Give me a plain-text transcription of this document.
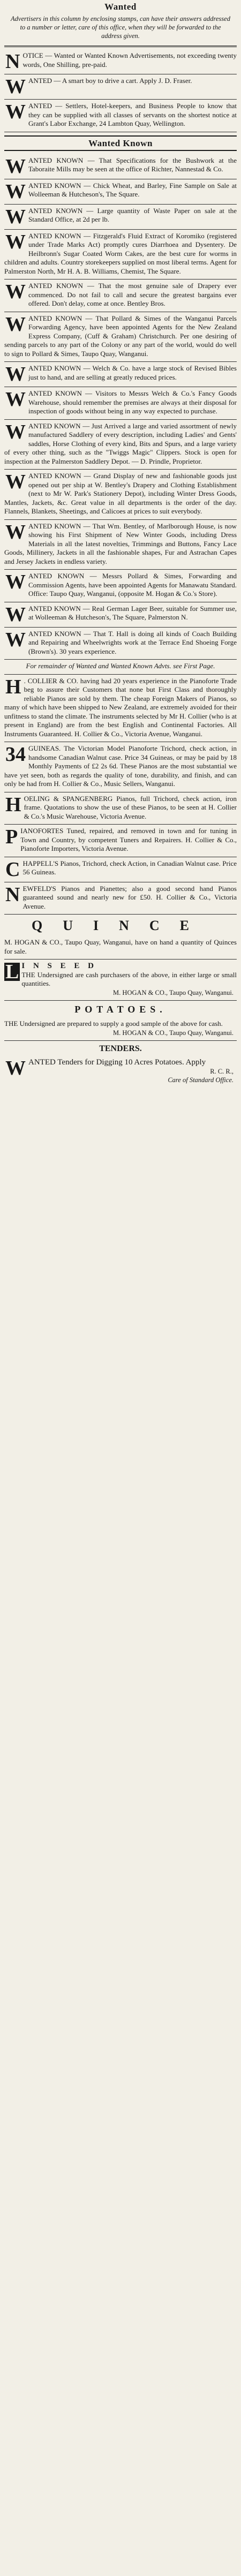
Wanted
Advertisers in this column by enclosing stamps, can have their answers addressed to a number or letter, care of this office, when they will be forwarded to the address given.
N OTICE — Wanted or Wanted Known Advertisements, not exceeding twenty words, One Shilling, pre-paid.
W ANTED — A smart boy to drive a cart. Apply J. D. Fraser.
W ANTED — Settlers, Hotel-keepers, and Business People to know that they can be supplied with all classes of servants on the shortest notice at Grant's Labor Exchange, 24 Lambton Quay, Wellington.
Wanted Known
W ANTED KNOWN — That Specifications for the Bushwork at the Taboraite Mills may be seen at the office of Richter, Nannestad & Co.
W ANTED KNOWN — Chick Wheat, and Barley, Fine Sample on Sale at Wolleeman & Hutcheson's, The Square.
W ANTED KNOWN — Large quantity of Waste Paper on sale at the Standard Office, at 2d per lb.
W ANTED KNOWN — Fitzgerald's Fluid Extract of Koromiko (registered under Trade Marks Act) promptly cures Diarrhoea and Dysentery. De Heilbronn's Sugar Coated Worm Cakes, are the best cure for worms in children and adults. Country storekeepers supplied on most liberal terms. Agent for Palmerston North, Mr H. A. B. Williams, Chemist, The Square.
W ANTED KNOWN — That the most genuine sale of Drapery ever commenced. Do not fail to call and secure the greatest bargains ever offered. Don't delay, come at once. Bentley Bros.
W ANTED KNOWN — That Pollard & Simes of the Wanganui Parcels Forwarding Agency, have been appointed Agents for the New Zealand Express Company, (Cuff & Graham) Christchurch. Per one desiring of sending parcels to any part of the Colony or any part of the world, would do well to sign to Pollard & Simes, Taupo Quay, Wanganui.
W ANTED KNOWN — Welch & Co. have a large stock of Revised Bibles just to hand, and are selling at greatly reduced prices.
W ANTED KNOWN — Visitors to Messrs Welch & Co.'s Fancy Goods Warehouse, should remember the premises are always at their disposal for inspection of goods without being in any way expected to purchase.
W ANTED KNOWN — Just Arrived a large and varied assortment of newly manufactured Saddlery of every description, including Ladies' and Gents' saddles, Horse Clothing of every kind, Bits and Spurs, and a large variety of every other thing, such as the "Twiggs Magic" Clippers. Stock is open for inspection at the Palmerston Saddlery Depot. — D. Prindle, Proprietor.
W ANTED KNOWN — Grand Display of new and fashionable goods just opened out per ship at W. Bentley's Drapery and Clothing Establishment (next to Mr W. Park's Stationery Depot), including Winter Dress Goods, Mantles, Jackets, &c. Great value in all departments is the order of the day. Flannels, Blankets, Sheetings, and Calicoes at prices to suit everybody.
W ANTED KNOWN — That Wm. Bentley, of Marlborough House, is now showing his First Shipment of New Winter Goods, including Dress Materials in all the latest novelties, Trimmings and Buttons, Fancy Lace Goods, Millinery, Jackets in all the fashionable shapes, Fur and Astrachan Capes and Jersey Jackets in endless variety.
W ANTED KNOWN — Messrs Pollard & Simes, Forwarding and Commission Agents, have been appointed Agents for Manawatu Standard. Office: Taupo Quay, Wanganui, (opposite M. Hogan & Co.'s Store).
W ANTED KNOWN — Real German Lager Beer, suitable for Summer use, at Wolleeman & Hutcheson's, The Square, Palmerston N.
W ANTED KNOWN — That T. Hall is doing all kinds of Coach Building and Repairing and Wheelwrights work at the Terrace End Shoeing Forge (Brown's). 30 years experience.
For remainder of Wanted and Wanted Known Advts. see First Page.
H . COLLIER & CO. having had 20 years experience in the Pianoforte Trade beg to assure their Customers that none but First Class and thoroughly reliable Pianos are sold by them. The cheap Foreign Makers of Pianos, so many of which have been shipped to New Zealand, are extremely avoided for their unfitness to stand the climate. The instruments selected by Mr H. Collier (who is at present in England) are from the best English and Continental Factories. All Instruments Guaranteed. H. Collier & Co., Victoria Avenue, Wanganui.
34 GUINEAS. The Victorian Model Pianoforte Trichord, check action, in handsome Canadian Walnut case. Price 34 Guineas, or may be paid by 18 Monthly Payments of £2 2s 6d. These Pianos are the most substantial we have yet seen, both as regards the quality of tone, durability, and finish, and can only be had from H. Collier & Co., Music Sellers, Wanganui.
H OELING & SPANGENBERG Pianos, full Trichord, check action, iron frame. Quotations to show the use of these Pianos, to be seen at H. Collier & Co.'s Music Warehouse, Victoria Avenue.
P IANOFORTES Tuned, repaired, and removed in town and for tuning in Town and Country, by competent Tuners and Repairers. H. Collier & Co., Pianoforte Importers, Victoria Avenue.
C HAPPELL'S Pianos, Trichord, check Action, in Canadian Walnut case. Price 56 Guineas.
N EWFELD'S Pianos and Pianettes; also a good second hand Pianos guaranteed sound and nearly new for £50. H. Collier & Co., Victoria Avenue.
QUINCE
M. HOGAN & CO., Taupo Quay, Wanganui, have on hand a quantity of Quinces for sale.
L I N S E E D
THE Undersigned are cash purchasers of the above, in either large or small quantities.
M. HOGAN & CO., Taupo Quay, Wanganui.
POTATOES.
THE Undersigned are prepared to supply a good sample of the above for cash.
M. HOGAN & CO., Taupo Quay, Wanganui.
TENDERS.
W ANTED Tenders for Digging 10 Acres Potatoes. Apply
R. C. R.,
Care of Standard Office.
